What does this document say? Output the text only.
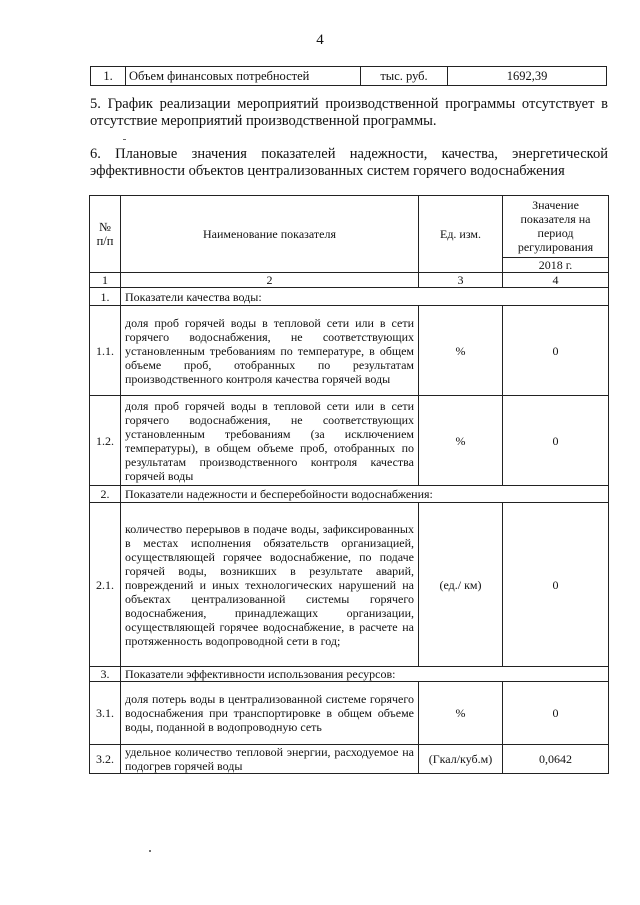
4
1.	Объем финансовых потребностей	тыс. руб.	1692,39

5. График реализации мероприятий производственной программы отсутствует в отсутствие мероприятий производственной программы.

6. Плановые значения показателей надежности, качества, энергетической
эффективности объектов централизованных систем горячего водоснабжения

№ п/п	Наименование показателя	Ед. изм.	Значение показателя на период регулирования
			2018 г.
1	2	3	4
1.	Показатели качества воды:		
1.1.	доля проб горячей воды в тепловой сети или в сети горячего водоснабжения, не соответствующих установленным требованиям по температуре, в общем объеме проб, отобранных по результатам производственного контроля качества горячей воды	%	0
1.2.	доля проб горячей воды в тепловой сети или в сети горячего водоснабжения, не соответствующих установленным требованиям (за исключением температуры), в общем объеме проб, отобранных по результатам производственного контроля качества горячей воды	%	0
2.	Показатели надежности и бесперебойности водоснабжения:		
2.1.	количество перерывов в подаче воды, зафиксированных в местах исполнения обязательств организацией, осуществляющей горячее водоснабжение, по подаче горячей воды, возникших в результате аварий, повреждений и иных технологических нарушений на объектах централизованной системы горячего водоснабжения, принадлежащих организации, осуществляющей горячее водоснабжение, в расчете на протяженность водопроводной сети в год;	(ед./ км)	0
3.	Показатели эффективности использования ресурсов:		
3.1.	доля потерь воды в централизованной системе горячего водоснабжения при транспортировке в общем объеме воды, поданной в водопроводную сеть	%	0
3.2.	удельное количество тепловой энергии, расходуемое на подогрев горячей воды	(Гкал/куб.м)	0,0642
